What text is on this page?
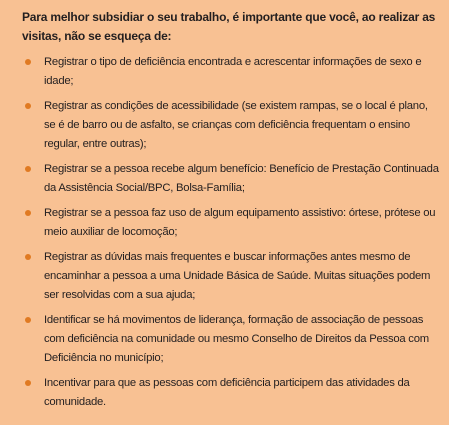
Para melhor subsidiar o seu trabalho, é importante que você, ao realizar as visitas, não se esqueça de:

Registrar o tipo de deficiência encontrada e acrescentar informações de sexo e idade;
Registrar as condições de acessibilidade (se existem rampas, se o local é plano, se é de barro ou de asfalto, se crianças com deficiência frequentam o ensino regular, entre outras);
Registrar se a pessoa recebe algum benefício: Benefício de Prestação Continuada da Assistência Social/BPC, Bolsa-Família;
Registrar se a pessoa faz uso de algum equipamento assistivo: órtese, prótese ou meio auxiliar de locomoção;
Registrar as dúvidas mais frequentes e buscar informações antes mesmo de encaminhar a pessoa a uma Unidade Básica de Saúde. Muitas situações podem ser resolvidas com a sua ajuda;
Identificar se há movimentos de liderança, formação de associação de pessoas com deficiência na comunidade ou mesmo Conselho de Direitos da Pessoa com Deficiência no município;
Incentivar para que as pessoas com deficiência participem das atividades da comunidade.
